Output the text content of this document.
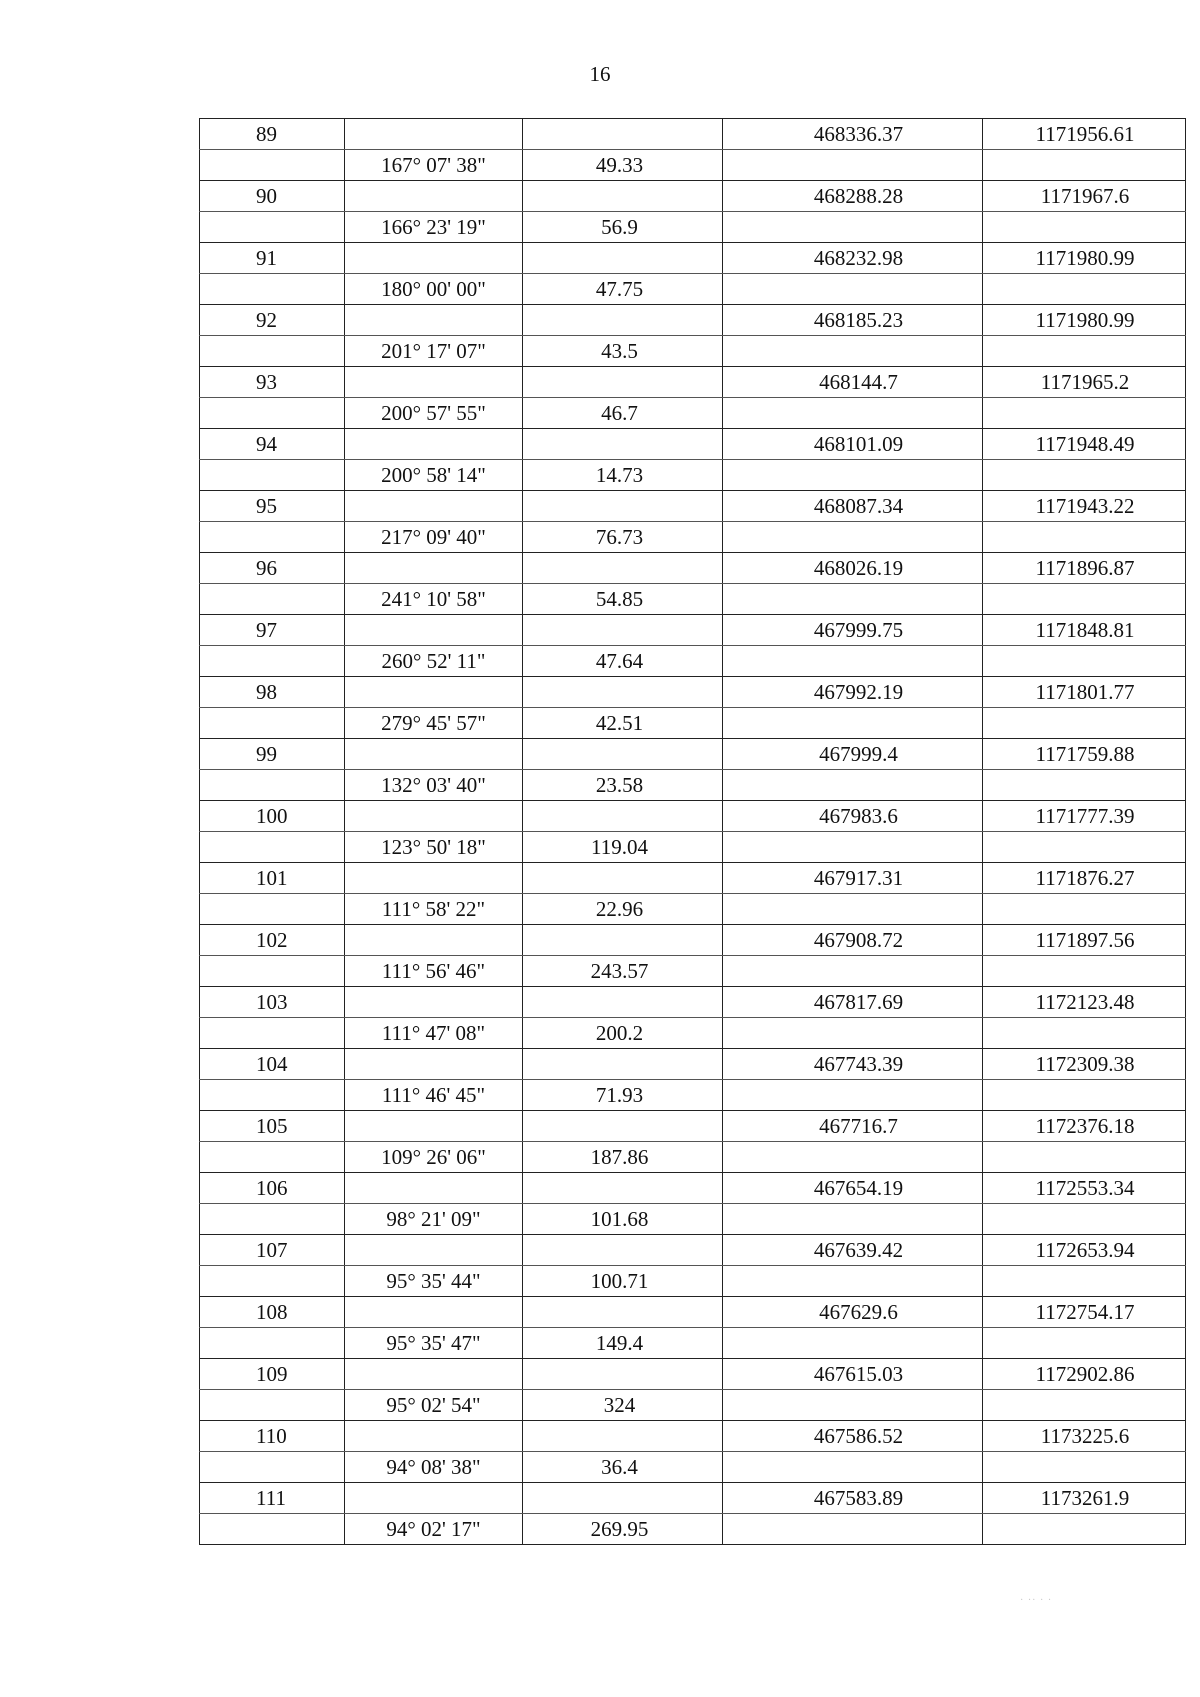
16
89			468336.37	1171956.61
	167° 07' 38"	49.33		
90			468288.28	1171967.6
	166° 23' 19"	56.9		
91			468232.98	1171980.99
	180° 00' 00"	47.75		
92			468185.23	1171980.99
	201° 17' 07"	43.5		
93			468144.7	1171965.2
	200° 57' 55"	46.7		
94			468101.09	1171948.49
	200° 58' 14"	14.73		
95			468087.34	1171943.22
	217° 09' 40"	76.73		
96			468026.19	1171896.87
	241° 10' 58"	54.85		
97			467999.75	1171848.81
	260° 52' 11"	47.64		
98			467992.19	1171801.77
	279° 45' 57"	42.51		
99			467999.4	1171759.88
	132° 03' 40"	23.58		
100			467983.6	1171777.39
	123° 50' 18"	119.04		
101			467917.31	1171876.27
	111° 58' 22"	22.96		
102			467908.72	1171897.56
	111° 56' 46"	243.57		
103			467817.69	1172123.48
	111° 47' 08"	200.2		
104			467743.39	1172309.38
	111° 46' 45"	71.93		
105			467716.7	1172376.18
	109° 26' 06"	187.86		
106			467654.19	1172553.34
	98° 21' 09"	101.68		
107			467639.42	1172653.94
	95° 35' 44"	100.71		
108			467629.6	1172754.17
	95° 35' 47"	149.4		
109			467615.03	1172902.86
	95° 02' 54"	324		
110			467586.52	1173225.6
	94° 08' 38"	36.4		
111			467583.89	1173261.9
	94° 02' 17"	269.95		
· ·· · ·
